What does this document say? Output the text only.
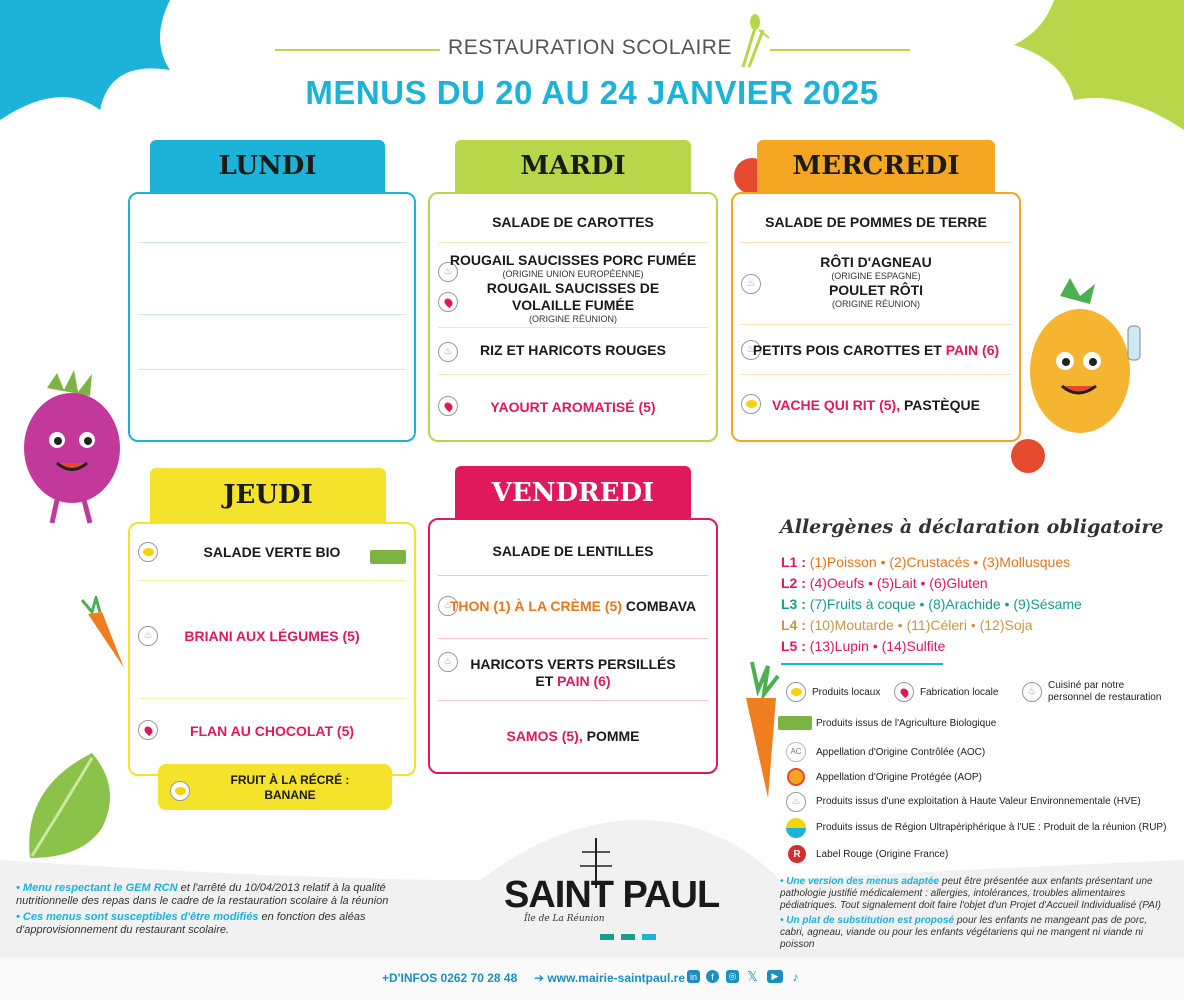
RESTAURATION SCOLAIRE
MENUS DU 20 AU 24 JANVIER 2025
LUNDI	MARDI
SALADE DE CAROTTES
♨
ROUGAIL SAUCISSES PORC FUMÉE
(ORIGINE UNION EUROPÉENNE)
ROUGAIL SAUCISSES DE
VOLAILLE FUMÉE
(ORIGINE RÉUNION)
♨	RIZ ET HARICOTS ROUGES
YAOURT AROMATISÉ (5)
MERCREDI
SALADE DE POMMES DE TERRE
♨
RÔTI D'AGNEAU
(ORIGINE ESPAGNE)
POULET RÔTI
(ORIGINE RÉUNION)
♨
PETITS POIS CAROTTES ET PAIN (6)
VACHE QUI RIT (5), PASTÈQUE
JEUDI
SALADE VERTE BIO
♨	BRIANI AUX LÉGUMES (5)
FLAN AU CHOCOLAT (5)
FRUIT À LA RÉCRÉ :
BANANE
VENDREDI
SALADE DE LENTILLES
♨
THON (1) À LA CRÈME (5) COMBAVA
♨	HARICOTS VERTS PERSILLÉS
ET PAIN (6)
SAMOS (5), POMME
Allergènes à déclaration obligatoire
L1 : (1)Poisson • (2)Crustacés • (3)Mollusques
L2 : (4)Oeufs • (5)Lait • (6)Gluten
L3 : (7)Fruits à coque • (8)Arachide • (9)Sésame
L4 : (10)Moutarde • (11)Céleri • (12)Soja
L5 : (13)Lupin • (14)Sulfite
Produits locaux	Fabrication locale	♨
Cuisiné par notre personnel de restauration
Produits issus de l'Agriculture Biologique
AC	Appellation d'Origine Contrôlée (AOC)
Appellation d'Origine Protégée (AOP)
♨	Produits issus d'une exploitation à Haute Valeur Environnementale (HVE)
Produits issus de Région Ultrapériphérique à l'UE : Produit de la réunion (RUP)
R	Label Rouge (Origine France)
• Menu respectant le GEM RCN et l'arrêté du 10/04/2013 relatif à la qualité nutritionnelle des repas dans le cadre de la restauration scolaire à la réunion
• Ces menus sont susceptibles d'être modifiés en fonction des aléas d'approvisionnement du restaurant scolaire.
SAINT PAUL
Île de La Réunion
• Une version des menus adaptée peut être présentée aux enfants présentant une pathologie justifié médicalement : allergies, intolérances, troubles alimentaires pédiatriques. Tout signalement doit faire l'objet d'un Projet d'Accueil Individualisé (PAI)
• Un plat de substitution est proposé pour les enfants ne mangeant pas de porc, cabri, agneau, viande ou pour les enfants végétariens qui ne mangent ni viande ni poisson
+D'INFOS 0262 70 28 48 ➔ www.mairie-saintpaul.re in	f	◎ 𝕏	▶	♪
